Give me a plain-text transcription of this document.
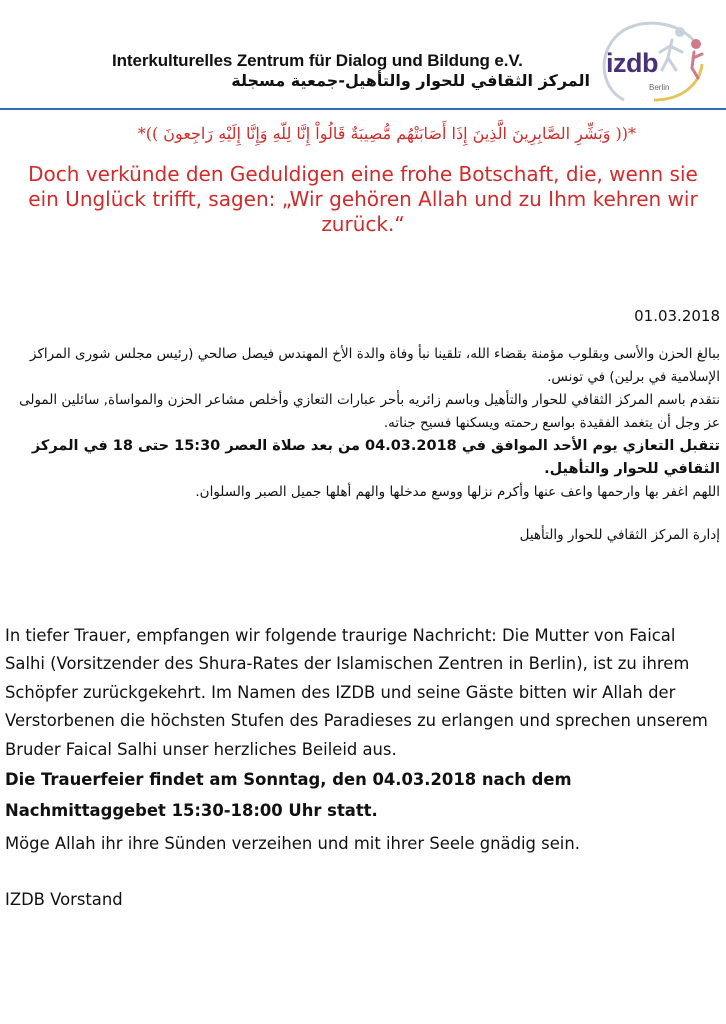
Interkulturelles Zentrum für Dialog und Bildung e.V.
المركز الثقافي للحوار والتأهيل-جمعية مسجلة
izdb
Berlin
*(( وَبَشِّرِ الصَّابِرِينَ الَّذِينَ إِذَا أَصَابَتْهُم مُّصِيبَةٌ قَالُواْ إِنَّا لِلّهِ وَإِنَّا إِلَيْهِ رَاجِعونَ ))*
Doch verkünde den Geduldigen eine frohe Botschaft, die, wenn sie ein Unglück trifft, sagen: „Wir gehören Allah und zu Ihm kehren wir zurück.“
01.03.2018

ببالغ الحزن والأسى وبقلوب مؤمنة بقضاء الله، تلقينا نبأ وفاة والدة الأخ المهندس فيصل صالحي (رئيس مجلس شورى المراكز الإسلامية في برلين) في تونس.

نتقدم باسم المركز الثقافي للحوار والتأهيل وباسم زائريه بأحر عبارات التعازي وأخلص مشاعر الحزن والمواساة, سائلين المولى عز وجل أن يتغمد الفقيدة بواسع رحمته ويسكنها فسيح جناته.

تتقبل التعازي يوم الأحد الموافق في 04.03.2018 من بعد صلاة العصر 15:30 حتى 18 في المركز الثقافي للحوار والتأهيل.

اللهم اغفر بها وارحمها واعف عنها وأكرم نزلها ووسع مدخلها والهم أهلها جميل الصبر والسلوان.

إدارة المركز الثقافي للحوار والتأهيل

In tiefer Trauer, empfangen wir folgende traurige Nachricht: Die Mutter von Faical Salhi (Vorsitzender des Shura-Rates der Islamischen Zentren in Berlin), ist zu ihrem Schöpfer zurückgekehrt. Im Namen des IZDB und seine Gäste bitten wir Allah der Verstorbenen die höchsten Stufen des Paradieses zu erlangen und sprechen unserem Bruder Faical Salhi unser herzliches Beileid aus.

Die Trauerfeier findet am Sonntag, den 04.03.2018 nach dem Nachmittaggebet 15:30-18:00 Uhr statt.

Möge Allah ihr ihre Sünden verzeihen und mit ihrer Seele gnädig sein.

IZDB Vorstand
